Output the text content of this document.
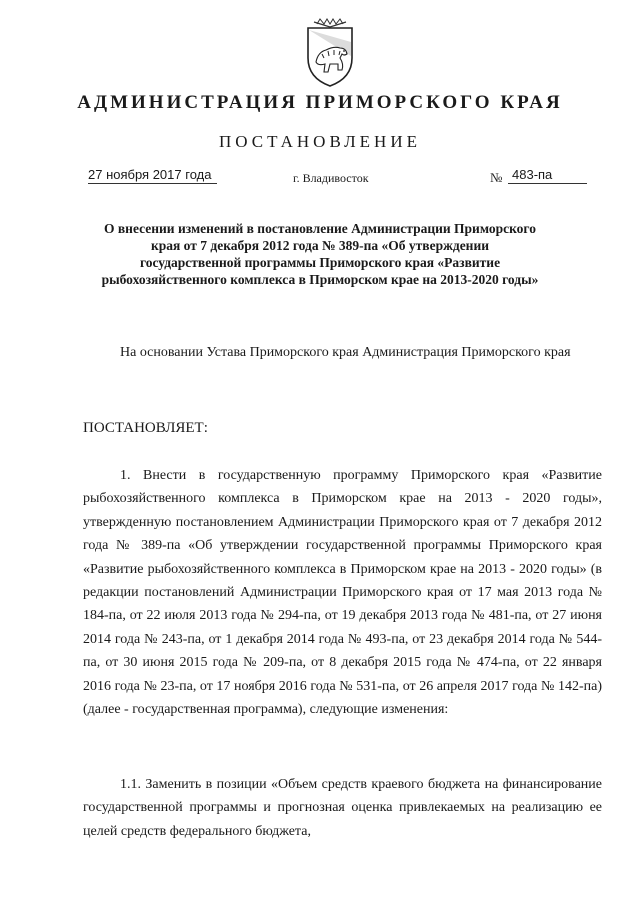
АДМИНИСТРАЦИЯ ПРИМОРСКОГО КРАЯ
ПОСТАНОВЛЕНИЕ
27 ноября 2017 года	г. Владивосток	№ 483-па
О внесении изменений в постановление Администрации Приморского края от 7 декабря 2012 года № 389-па «Об утверждении государственной программы Приморского края «Развитие рыбохозяйственного комплекса в Приморском крае на 2013-2020 годы»
На основании Устава Приморского края Администрация Приморского края
ПОСТАНОВЛЯЕТ:
1. Внести в государственную программу Приморского края «Развитие рыбохозяйственного комплекса в Приморском крае на 2013 - 2020 годы», утвержденную постановлением Администрации Приморского края от 7 декабря 2012 года № 389-па «Об утверждении государственной программы Приморского края «Развитие рыбохозяйственного комплекса в Приморском крае на 2013 - 2020 годы» (в редакции постановлений Администрации Приморского края от 17 мая 2013 года № 184-па, от 22 июля 2013 года № 294-па, от 19 декабря 2013 года № 481-па, от 27 июня 2014 года № 243-па, от 1 декабря 2014 года № 493-па, от 23 декабря 2014 года № 544-па, от 30 июня 2015 года № 209-па, от 8 декабря 2015 года № 474-па, от 22 января 2016 года № 23-па, от 17 ноября 2016 года № 531-па, от 26 апреля 2017 года № 142-па) (далее - государственная программа), следующие изменения:
1.1. Заменить в позиции «Объем средств краевого бюджета на финансирование государственной программы и прогнозная оценка привлекаемых на реализацию ее целей средств федерального бюджета,
